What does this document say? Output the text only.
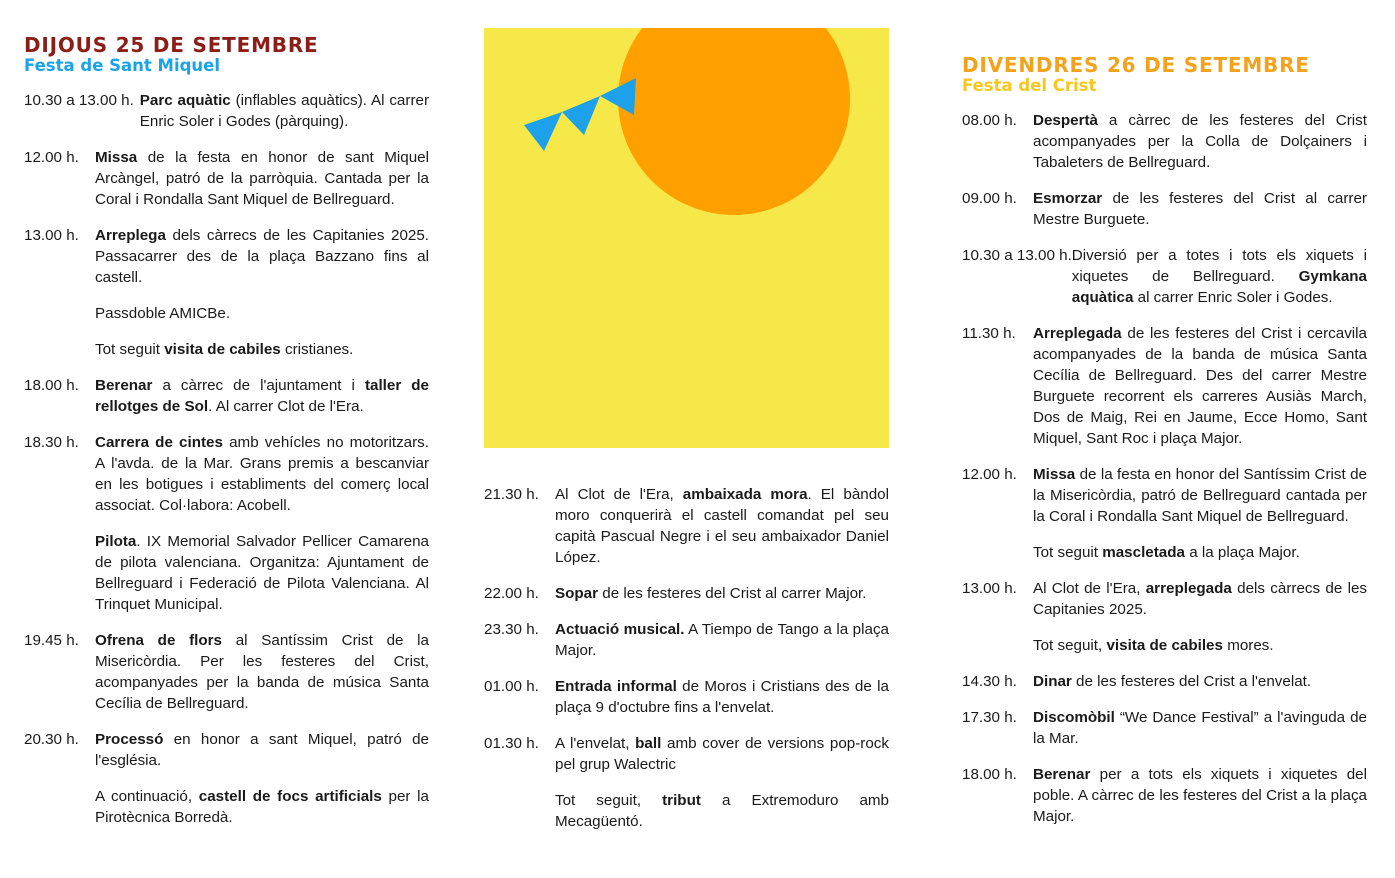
DIJOUS 25 DE SETEMBRE
Festa de Sant Miquel
10.30 a 13.00 h. Parc aquàtic (inflables aquàtics). Al carrer Enric Soler i Godes (pàrquing).
12.00 h.	Missa de la festa en honor de sant Miquel Arcàngel, patró de la parròquia. Cantada per la Coral i Rondalla Sant Miquel de Bellreguard.
13.00 h.	Arreplega dels càrrecs de les Capitanies 2025. Passacarrer des de la plaça Bazzano fins al castell.
Passdoble AMICBe.
Tot seguit visita de cabiles cristianes.
18.00 h.	Berenar a càrrec de l'ajuntament i taller de rellotges de Sol. Al carrer Clot de l'Era.
18.30 h.	Carrera de cintes amb vehícles no motoritzars. A l'avda. de la Mar. Grans premis a bescanviar en les botigues i establiments del comerç local associat. Col·labora: Acobell.
Pilota. IX Memorial Salvador Pellicer Camarena de pilota valenciana. Organitza: Ajuntament de Bellreguard i Federació de Pilota Valenciana. Al Trinquet Municipal.
19.45 h.	Ofrena de flors al Santíssim Crist de la Misericòrdia. Per les festeres del Crist, acompanyades per la banda de música Santa Cecília de Bellreguard.
20.30 h.	Processó en honor a sant Miquel, patró de l'església.
A continuació, castell de focs artificials per la Pirotècnica Borredà.
21.30 h.	Al Clot de l'Era, ambaixada mora. El bàndol moro conquerirà el castell comandat pel seu capità Pascual Negre i el seu ambaixador Daniel López.
22.00 h.	Sopar de les festeres del Crist al carrer Major.
23.30 h.	Actuació musical. A Tiempo de Tango a la plaça Major.
01.00 h.	Entrada informal de Moros i Cristians des de la plaça 9 d'octubre fins a l'envelat.
01.30 h.	A l'envelat, ball amb cover de versions pop-rock pel grup Walectric
Tot seguit, tribut a Extremoduro amb Mecagüentó.
DIVENDRES 26 DE SETEMBRE
Festa del Crist
08.00 h.	Despertà a càrrec de les festeres del Crist acompanyades per la Colla de Dolçainers i Tabaleters de Bellreguard.
09.00 h.	Esmorzar de les festeres del Crist al carrer Mestre Burguete.
10.30 a 13.00 h. Diversió per a totes i tots els xiquets i xiquetes de Bellreguard. Gymkana aquàtica al carrer Enric Soler i Godes.
11.30 h.	Arreplegada de les festeres del Crist i cercavila acompanyades de la banda de música Santa Cecília de Bellreguard. Des del carrer Mestre Burguete recorrent els carreres Ausiàs March, Dos de Maig, Rei en Jaume, Ecce Homo, Sant Miquel, Sant Roc i plaça Major.
12.00 h.	Missa de la festa en honor del Santíssim Crist de la Misericòrdia, patró de Bellreguard cantada per la Coral i Rondalla Sant Miquel de Bellreguard.
Tot seguit mascletada a la plaça Major.
13.00 h.	Al Clot de l'Era, arreplegada dels càrrecs de les Capitanies 2025.
Tot seguit, visita de cabiles mores.
14.30 h.	Dinar de les festeres del Crist a l'envelat.
17.30 h.	Discomòbil “We Dance Festival” a l'avinguda de la Mar.
18.00 h.	Berenar per a tots els xiquets i xiquetes del poble. A càrrec de les festeres del Crist a la plaça Major.
